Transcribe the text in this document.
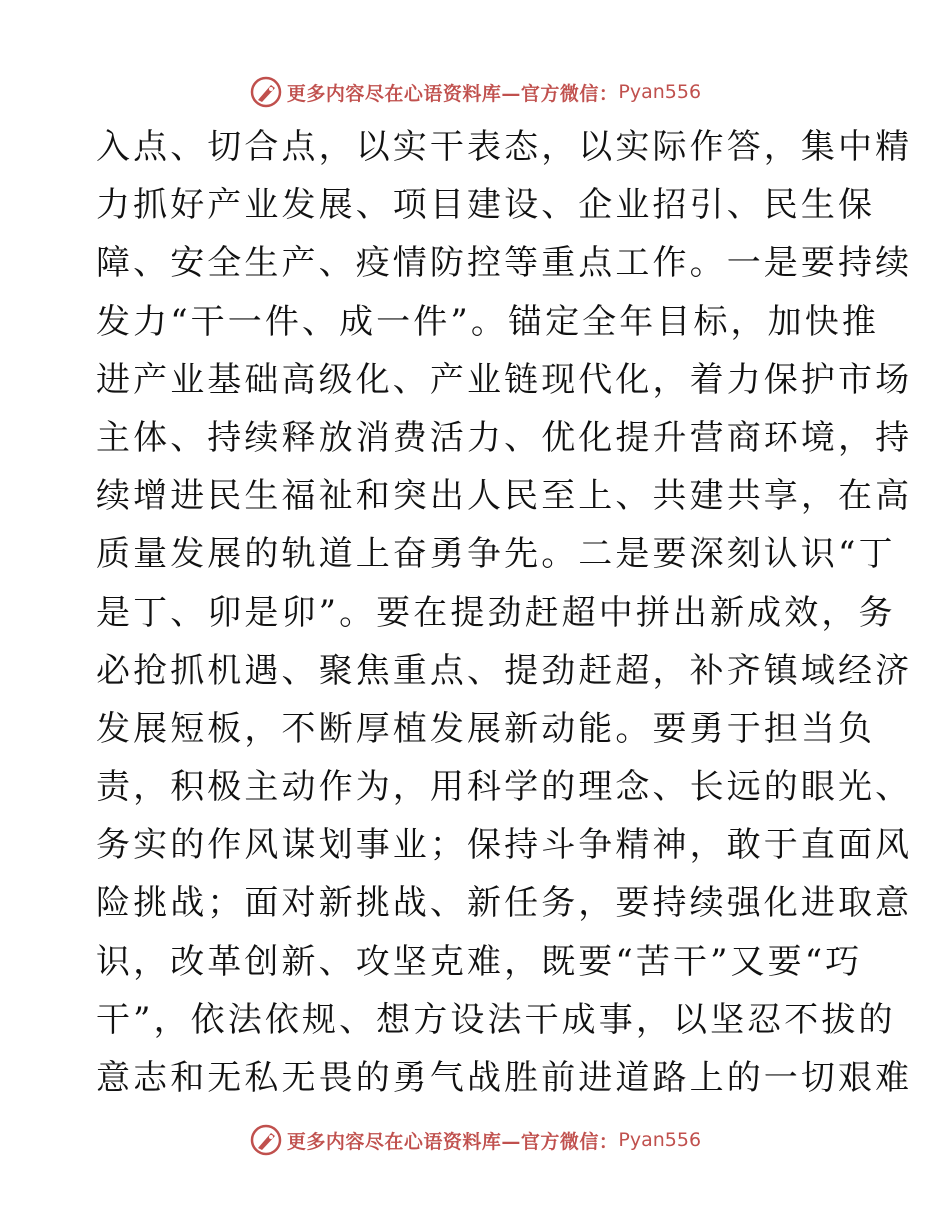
更多内容尽在心语资料库—官方微信： Pyan556
入点、切合点，以实干表态，以实际作答，集中精
力抓好产业发展、项目建设、企业招引、民生保
障、安全生产、疫情防控等重点工作。一是要持续
发力“干一件、成一件”。锚定全年目标，加快推
进产业基础高级化、产业链现代化，着力保护市场
主体、持续释放消费活力、优化提升营商环境，持
续增进民生福祉和突出人民至上、共建共享，在高
质量发展的轨道上奋勇争先。二是要深刻认识“丁
是丁、卯是卯”。要在提劲赶超中拼出新成效，务
必抢抓机遇、聚焦重点、提劲赶超，补齐镇域经济
发展短板，不断厚植发展新动能。要勇于担当负
责，积极主动作为，用科学的理念、长远的眼光、
务实的作风谋划事业；保持斗争精神，敢于直面风
险挑战；面对新挑战、新任务，要持续强化进取意
识，改革创新、攻坚克难，既要“苦干”又要“巧
干”，依法依规、想方设法干成事，以坚忍不拔的
意志和无私无畏的勇气战胜前进道路上的一切艰难
更多内容尽在心语资料库—官方微信： Pyan556
